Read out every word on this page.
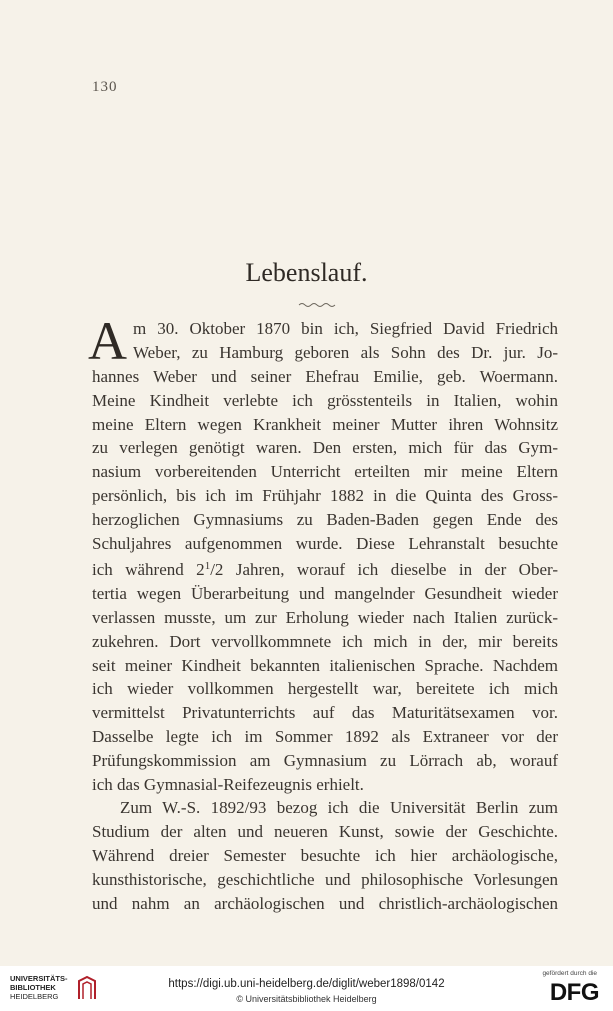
130
Lebenslauf.
A m 30. Oktober 1870 bin ich, Siegfried David Friedrich
Weber, zu Hamburg geboren als Sohn des Dr. jur. Jo-
hannes Weber und seiner Ehefrau Emilie, geb. Woermann.
Meine Kindheit verlebte ich grösstenteils in Italien, wohin
meine Eltern wegen Krankheit meiner Mutter ihren Wohnsitz
zu verlegen genötigt waren. Den ersten, mich für das Gym-
nasium vorbereitenden Unterricht erteilten mir meine Eltern
persönlich, bis ich im Frühjahr 1882 in die Quinta des Gross-
herzoglichen Gymnasiums zu Baden-Baden gegen Ende des
Schuljahres aufgenommen wurde. Diese Lehranstalt besuchte
ich während $2^1/2$ Jahren, worauf ich dieselbe in der Ober-
tertia wegen Überarbeitung und mangelnder Gesundheit wieder
verlassen musste, um zur Erholung wieder nach Italien zurück-
zukehren. Dort vervollkommnete ich mich in der, mir bereits
seit meiner Kindheit bekannten italienischen Sprache. Nachdem
ich wieder vollkommen hergestellt war, bereitete ich mich
vermittelst Privatunterrichts auf das Maturitätsexamen vor.
Dasselbe legte ich im Sommer 1892 als Extraneer vor der
Prüfungskommission am Gymnasium zu Lörrach ab, worauf
ich das Gymnasial-Reifezeugnis erhielt.
Zum W.-S. 1892/93 bezog ich die Universität Berlin zum
Studium der alten und neueren Kunst, sowie der Geschichte.
Während dreier Semester besuchte ich hier archäologische,
kunsthistorische, geschichtliche und philosophische Vorlesungen
und nahm an archäologischen und christlich-archäologischen
UNIVERSITÄTS-
BIBLIOTHEK
HEIDELBERG
https://digi.ub.uni-heidelberg.de/diglit/weber1898/0142
© Universitätsbibliothek Heidelberg
gefördert durch die
DFG
